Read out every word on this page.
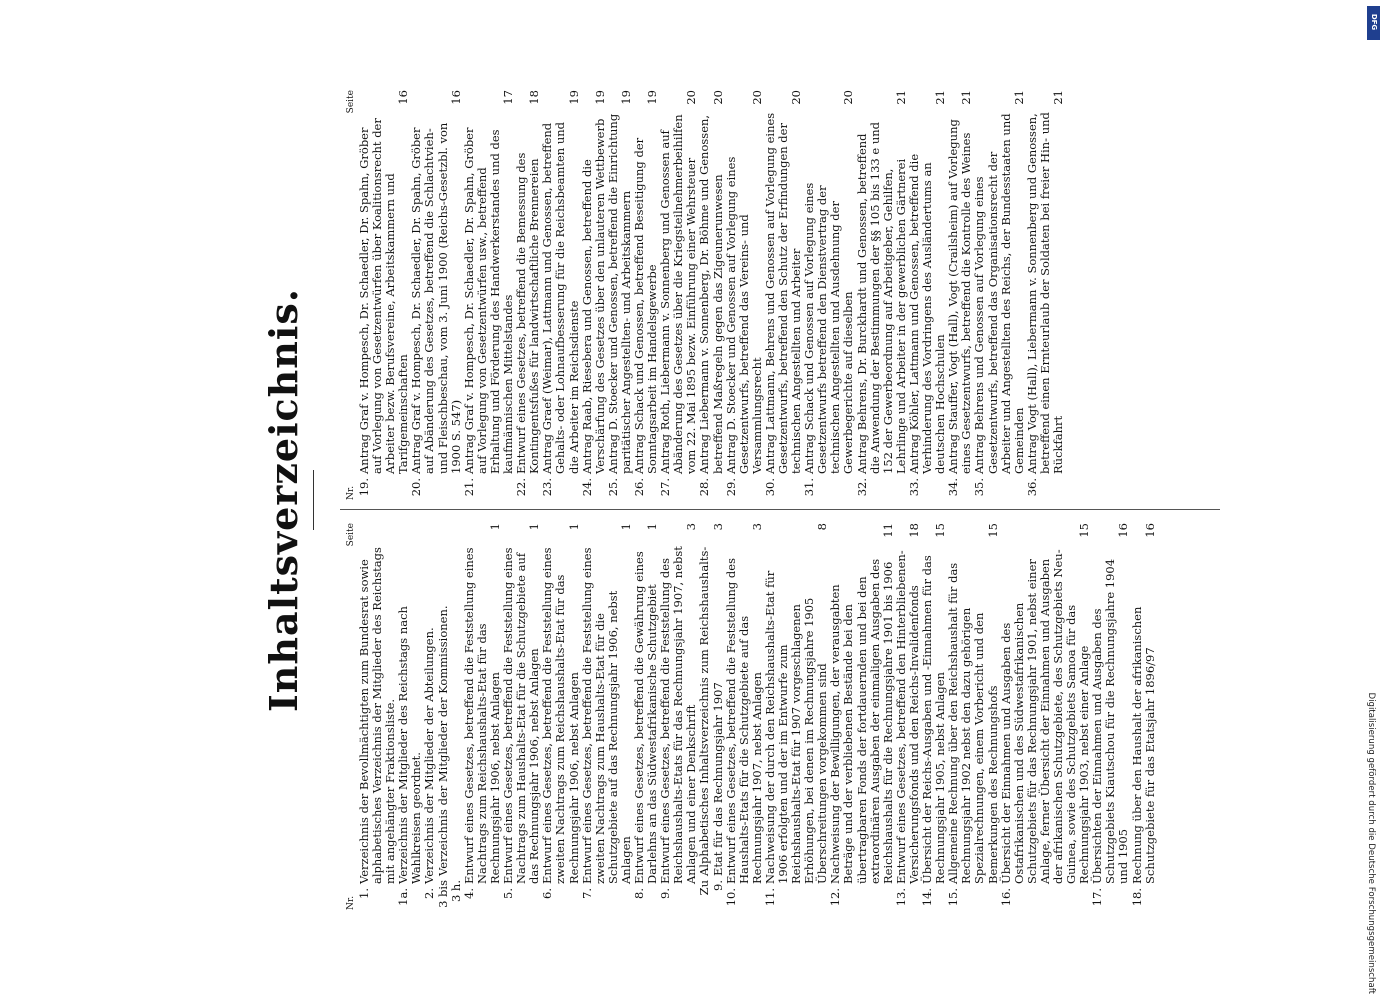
Inhaltsverzeichnis.
Nr.
Seite
1.
Verzeichnis der Bevollmächtigten zum Bundesrat sowie alphabetisches Verzeichnis der Mitglieder des Reichstags mit angehängter Fraktionsliste.
1a.
Verzeichnis der Mitglieder des Reichstags nach Wahlkreisen geordnet.
2.
Verzeichnis der Mitglieder der Abteilungen.
3 bis 3 h.
Verzeichnis der Mitglieder der Kommissionen.
4.
Entwurf eines Gesetzes, betreffend die Feststellung eines Nachtrags zum Reichshaushalts-Etat für das Rechnungsjahr 1906, nebst Anlagen
1
5.
Entwurf eines Gesetzes, betreffend die Feststellung eines Nachtrags zum Haushalts-Etat für die Schutzgebiete auf das Rechnungsjahr 1906, nebst Anlagen
1
6.
Entwurf eines Gesetzes, betreffend die Feststellung eines zweiten Nachtrags zum Reichshaushalts-Etat für das Rechnungsjahr 1906, nebst Anlagen
1
7.
Entwurf eines Gesetzes, betreffend die Feststellung eines zweiten Nachtrags zum Haushalts-Etat für die Schutzgebiete auf das Rechnungsjahr 1906, nebst Anlagen
1
8.
Entwurf eines Gesetzes, betreffend die Gewährung eines Darlehns an das Südwestafrikanische Schutzgebiet
1
9.
Entwurf eines Gesetzes, betreffend die Feststellung des Reichshaushalts-Etats für das Rechnungsjahr 1907, nebst Anlagen und einer Denkschrift
3
Zu 9.
Alphabetisches Inhaltsverzeichnis zum Reichshaushalts-Etat für das Rechnungsjahr 1907
3
10.
Entwurf eines Gesetzes, betreffend die Feststellung des Haushalts-Etats für die Schutzgebiete auf das Rechnungsjahr 1907, nebst Anlagen
3
11.
Nachweisung der durch den Reichshaushalts-Etat für 1906 erfolgten und der im Entwurfe zum Reichshaushalts-Etat für 1907 vorgeschlagenen Erhöhungen, bei denen im Rechnungsjahre 1905 Überschreitungen vorgekommen sind
8
12.
Nachweisung der Bewilligungen, der verausgabten Beträge und der verbliebenen Bestände bei den übertragbaren Fonds der fortdauernden und bei den extraordinären Ausgaben der einmaligen Ausgaben des Reichshaushalts für die Rechnungsjahre 1901 bis 1906
11
13.
Entwurf eines Gesetzes, betreffend den Hinterbliebenen-Versicherungsfonds und den Reichs-Invalidenfonds
18
14.
Übersicht der Reichs-Ausgaben und -Einnahmen für das Rechnungsjahr 1905, nebst Anlagen
15
15.
Allgemeine Rechnung über den Reichshaushalt für das Rechnungsjahr 1902 nebst den dazu gehörigen Spezialrechnungen, einem Vorbericht und den Bemerkungen des Rechnungshofs
15
16.
Übersicht der Einnahmen und Ausgaben des Ostafrikanischen und des Südwestafrikanischen Schutzgebiets für das Rechnungsjahr 1901, nebst einer Anlage, ferner Übersicht der Einnahmen und Ausgaben der afrikanischen Schutzgebiete, des Schutzgebiets Neu-Guinea, sowie des Schutzgebiets Samoa für das Rechnungsjahr 1903, nebst einer Anlage
15
17.
Übersichten der Einnahmen und Ausgaben des Schutzgebiets Kiautschou für die Rechnungsjahre 1904 und 1905
16
18.
Rechnung über den Haushalt der afrikanischen Schutzgebiete für das Etatsjahr 1896/97
16
Nr.
Seite
19.
Antrag Graf v. Hompesch, Dr. Schaedler, Dr. Spahn, Gröber auf Vorlegung von Gesetzentwürfen über Koalitionsrecht der Arbeiter bezw. Berufsvereine, Arbeitskammern und Tarifgemeinschaften
16
20.
Antrag Graf v. Hompesch, Dr. Schaedler, Dr. Spahn, Gröber auf Abänderung des Gesetzes, betreffend die Schlachtvieh- und Fleischbeschau, vom 3. Juni 1900 (Reichs-Gesetzbl. von 1900 S. 547)
16
21.
Antrag Graf v. Hompesch, Dr. Schaedler, Dr. Spahn, Gröber auf Vorlegung von Gesetzentwürfen usw., betreffend Erhaltung und Förderung des Handwerkerstandes und des kaufmännischen Mittelstandes
17
22.
Entwurf eines Gesetzes, betreffend die Bemessung des Kontingentsfußes für landwirtschaftliche Brennereien
18
23.
Antrag Graef (Weimar), Lattmann und Genossen, betreffend Gehalts- oder Lohnaufbesserung für die Reichsbeamten und die Arbeiter im Reichsdienste
19
24.
Antrag Raab, Riesebera und Genossen, betreffend die Verschärfung des Gesetzes über den unlauteren Wettbewerb
19
25.
Antrag D. Stoecker und Genossen, betreffend die Einrichtung paritätischer Angestellten- und Arbeitskammern
19
26.
Antrag Schack und Genossen, betreffend Beseitigung der Sonntagsarbeit im Handelsgewerbe
19
27.
Antrag Roth, Liebermann v. Sonnenberg und Genossen auf Abänderung des Gesetzes über die Kriegsteilnehmerbeihilfen vom 22. Mai 1895 bezw. Einführung einer Wehrsteuer
20
28.
Antrag Liebermann v. Sonnenberg, Dr. Böhme und Genossen, betreffend Maßregeln gegen das Zigeunerunwesen
20
29.
Antrag D. Stoecker und Genossen auf Vorlegung eines Gesetzentwurfs, betreffend das Vereins- und Versammlungsrecht
20
30.
Antrag Lattmann, Behrens und Genossen auf Vorlegung eines Gesetzentwurfs, betreffend den Schutz der Erfindungen der technischen Angestellten und Arbeiter
20
31.
Antrag Schack und Genossen auf Vorlegung eines Gesetzentwurfs betreffend den Dienstvertrag der technischen Angestellten und Ausdehnung der Gewerbegerichte auf dieselben
20
32.
Antrag Behrens, Dr. Burckhardt und Genossen, betreffend die Anwendung der Bestimmungen der §§ 105 bis 133 e und 152 der Gewerbeordnung auf Arbeitgeber, Gehilfen, Lehrlinge und Arbeiter in der gewerblichen Gärtnerei
21
33.
Antrag Köhler, Lattmann und Genossen, betreffend die Verhinderung des Vordringens des Ausländertums an deutschen Hochschulen
21
34.
Antrag Stauffer, Vogt (Hall), Vogt (Crailsheim) auf Vorlegung eines Gesetzentwurfs, betreffend die Kontrolle des Weines
21
35.
Antrag Behrens und Genossen auf Vorlegung eines Gesetzentwurfs, betreffend das Organisationsrecht der Arbeiter und Angestellten des Reichs, der Bundesstaaten und Gemeinden
21
36.
Antrag Vogt (Hall), Liebermann v. Sonnenberg und Genossen, betreffend einen Ernteurlaub der Soldaten bei freier Hin- und Rückfahrt
21
DFG
Digitalisierung gefördert durch die Deutsche Forschungsgemeinschaft
